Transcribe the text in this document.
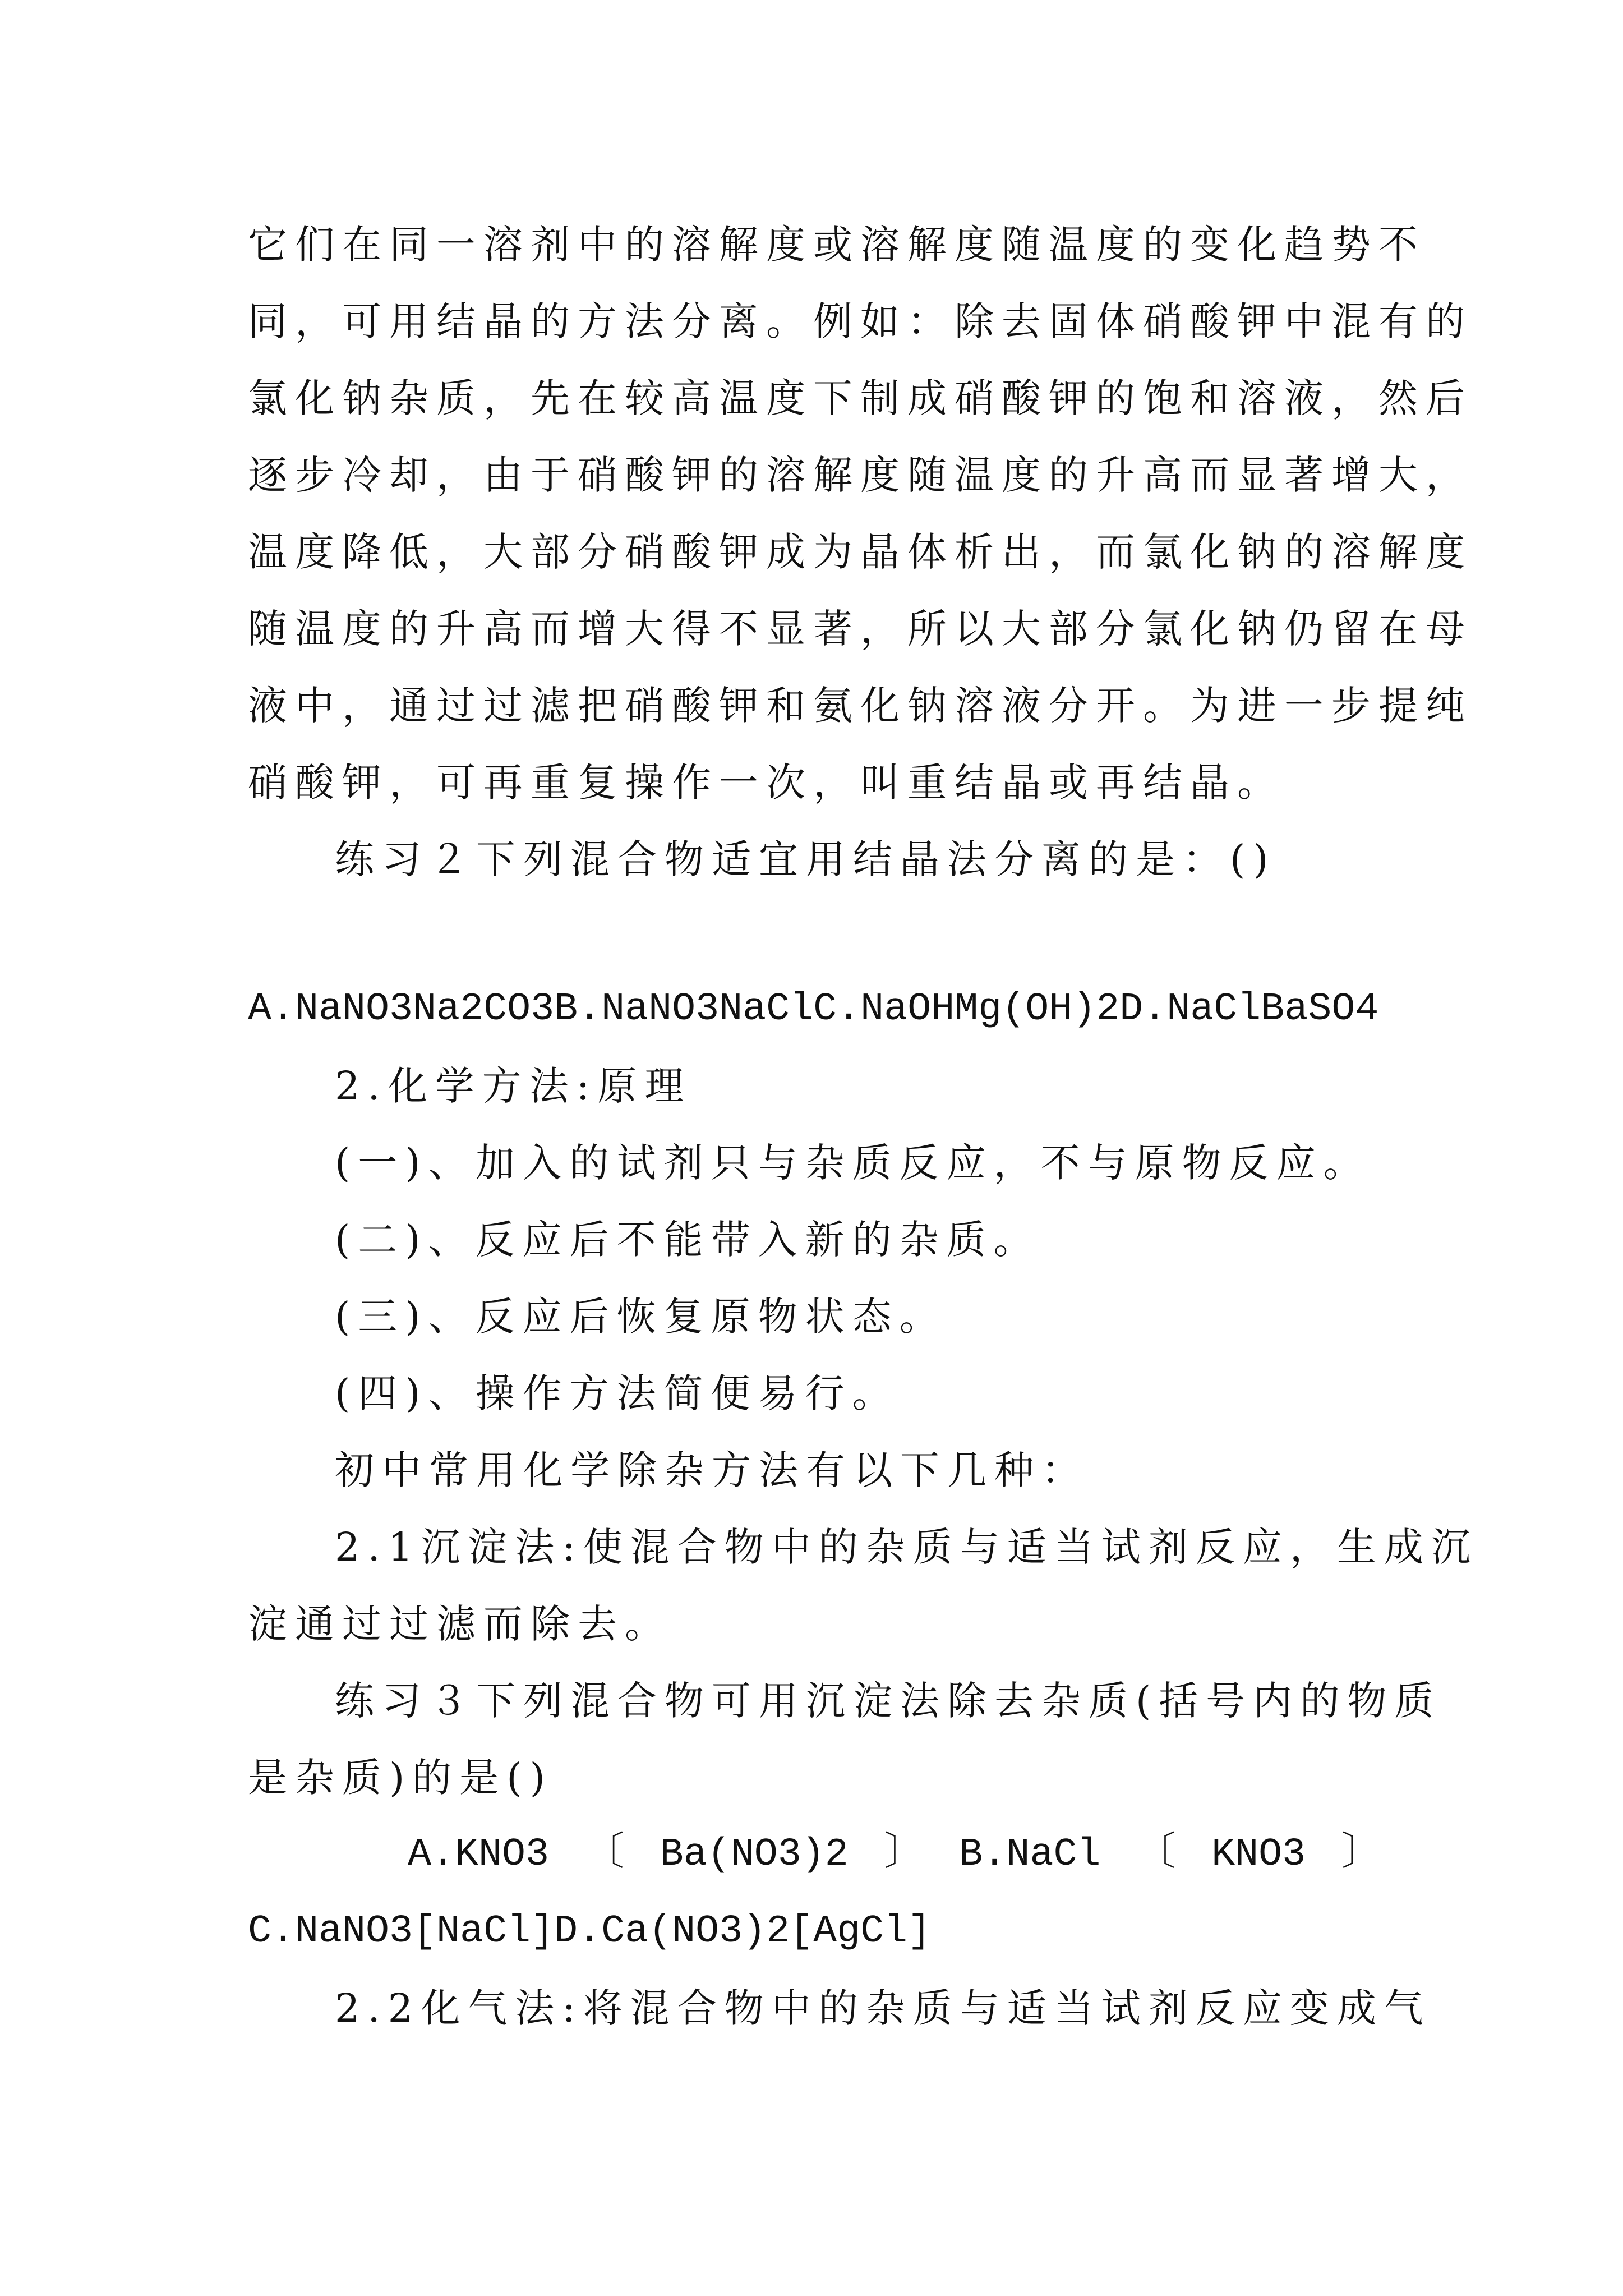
它们在同一溶剂中的溶解度或溶解度随温度的变化趋势不
同，可用结晶的方法分离。例如：除去固体硝酸钾中混有的
氯化钠杂质，先在较高温度下制成硝酸钾的饱和溶液，然后
逐步冷却，由于硝酸钾的溶解度随温度的升高而显著增大，
温度降低，大部分硝酸钾成为晶体析出，而氯化钠的溶解度
随温度的升高而增大得不显著，所以大部分氯化钠仍留在母
液中，通过过滤把硝酸钾和氨化钠溶液分开。为进一步提纯
硝酸钾，可再重复操作一次，叫重结晶或再结晶。
练习２下列混合物适宜用结晶法分离的是：()
A.NaNO3Na2CO3B.NaNO3NaClC.NaOHMg(OH)2D.NaClBaSO4
2.化学方法:原理
(一)、加入的试剂只与杂质反应，不与原物反应。
(二)、反应后不能带入新的杂质。
(三)、反应后恢复原物状态。
(四)、操作方法简便易行。
初中常用化学除杂方法有以下几种：
2.1沉淀法:使混合物中的杂质与适当试剂反应，生成沉
淀通过过滤而除去。
练习３下列混合物可用沉淀法除去杂质(括号内的物质
是杂质)的是()
A.KNO3 〔 Ba(NO3)2 〕 B.NaCl 〔 KNO3 〕
C.NaNO3[NaCl]D.Ca(NO3)2[AgCl]
2.2化气法:将混合物中的杂质与适当试剂反应变成气
